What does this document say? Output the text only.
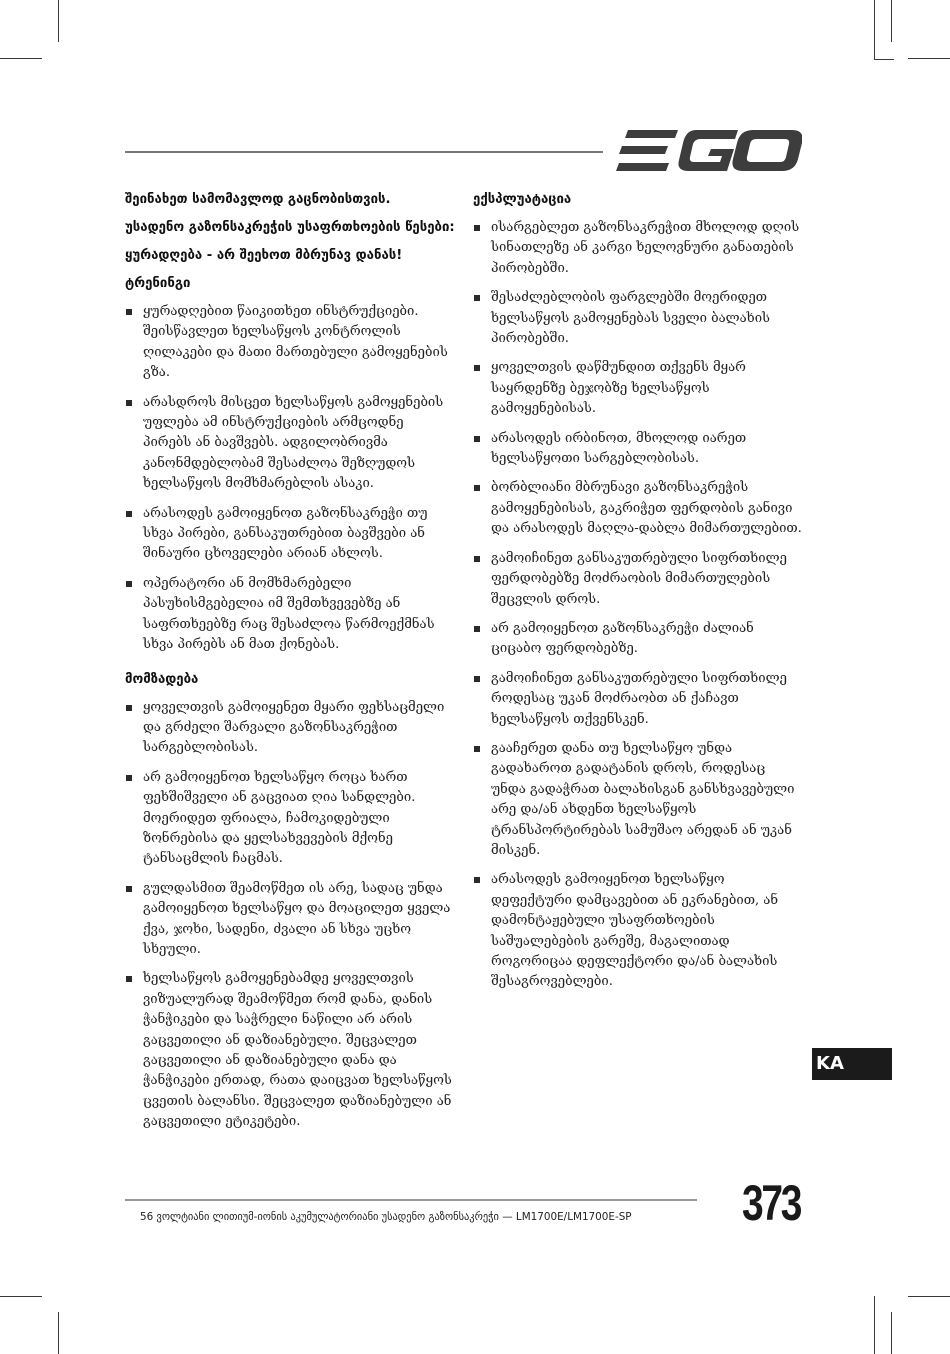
შეინახეთ სამომავლოდ გაცნობისთვის.

უსადენო გაზონსაკრეჭის უსაფრთხოების წესები:

ყურადღება - არ შეეხოთ მბრუნავ დანას!

ტრენინგი

ყურადღებით წაიკითხეთ ინსტრუქციები. შეისწავლეთ ხელსაწყოს კონტროლის ღილაკები და მათი მართებული გამოყენების გზა.
არასდროს მისცეთ ხელსაწყოს გამოყენების უფლება ამ ინსტრუქციების არმცოდნე პირებს ან ბავშვებს. ადგილობრივმა კანონმდებლობამ შესაძლოა შეზღუდოს ხელსაწყოს მომხმარებლის ასაკი.
არასოდეს გამოიყენოთ გაზონსაკრეჭი თუ სხვა პირები, განსაკუთრებით ბავშვები ან შინაური ცხოველები არიან ახლოს.
ოპერატორი ან მომხმარებელი პასუხისმგებელია იმ შემთხვევებზე ან საფრთხეებზე რაც შესაძლოა წარმოექმნას სხვა პირებს ან მათ ქონებას.

მომზადება

ყოველთვის გამოიყენეთ მყარი ფეხსაცმელი და გრძელი შარვალი გაზონსაკრეჭით სარგებლობისას.
არ გამოიყენოთ ხელსაწყო როცა ხართ ფეხშიშველი ან გაცვიათ ღია სანდლები. მოერიდეთ ფრიალა, ჩამოკიდებული ზონრებისა და ყელსახვევების მქონე ტანსაცმლის ჩაცმას.
გულდასმით შეამოწმეთ ის არე, სადაც უნდა გამოიყენოთ ხელსაწყო და მოაცილეთ ყველა ქვა, ჯოხი, სადენი, ძვალი ან სხვა უცხო სხეული.
ხელსაწყოს გამოყენებამდე ყოველთვის ვიზუალურად შეამოწმეთ რომ დანა, დანის ჭანჭიკები და საჭრელი ნაწილი არ არის გაცვეთილი ან დაზიანებული. შეცვალეთ გაცვეთილი ან დაზიანებული დანა და ჭანჭიკები ერთად, რათა დაიცვათ ხელსაწყოს ცვეთის ბალანსი. შეცვალეთ დაზიანებული ან გაცვეთილი ეტიკეტები.

ექსპლუატაცია

ისარგებლეთ გაზონსაკრეჭით მხოლოდ დღის სინათლეზე ან კარგი ხელოვნური განათების პირობებში.
შესაძლებლობის ფარგლებში მოერიდეთ ხელსაწყოს გამოყენებას სველი ბალახის პირობებში.
ყოველთვის დაწმუნდით თქვენს მყარ საყრდენზე ბეჯობზე ხელსაწყოს გამოყენებისას.
არასოდეს ირბინოთ, მხოლოდ იარეთ ხელსაწყოთი სარგებლობისას.
ბორბლიანი მბრუნავი გაზონსაკრეჭის გამოყენებისას, გაკრიჭეთ ფერდობის განივი და არასოდეს მაღლა-დაბლა მიმართულებით.
გამოიჩინეთ განსაკუთრებული სიფრთხილე ფერდობებზე მოძრაობის მიმართულების შეცვლის დროს.
არ გამოიყენოთ გაზონსაკრეჭი ძალიან ციცაბო ფერდობებზე.
გამოიჩინეთ განსაკუთრებული სიფრთხილე როდესაც უკან მოძრაობთ ან ქაჩავთ ხელსაწყოს თქვენსკენ.
გააჩერეთ დანა თუ ხელსაწყო უნდა გადახაროთ გადატანის დროს, როდესაც უნდა გადაჭრათ ბალახისგან განსხვავებული არე და/ან ახდენთ ხელსაწყოს ტრანსპორტირებას სამუშაო არედან ან უკან მისკენ.
არასოდეს გამოიყენოთ ხელსაწყო დეფექტური დამცავებით ან ეკრანებით, ან დამონტაჟებული უსაფრთხოების საშუალებების გარეშე, მაგალითად როგორიცაა დეფლექტორი და/ან ბალახის შესაგროვებლები.
KA
56 ვოლტიანი ლითიუმ-იონის აკუმულატორიანი უსადენო გაზონსაკრეჭი — LM1700E/LM1700E-SP	373
